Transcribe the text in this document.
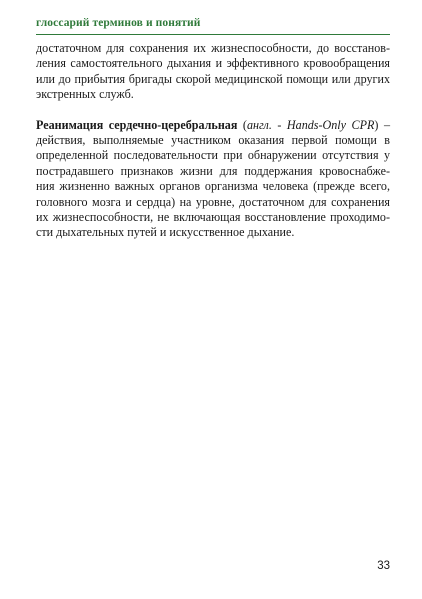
глоссарий терминов и понятий

достаточном для сохранения их жизнеспособности, до восстанов-
ления самостоятельного дыхания и эффективного кровообращения
или до прибытия бригады скорой медицинской помощи или других
экстренных служб.

Реанимация сердечно-церебральная (англ. - Hands-Only CPR) –
действия, выполняемые участником оказания первой помощи в
определенной последовательности при обнаружении отсутствия у
пострадавшего признаков жизни для поддержания кровоснабже-
ния жизненно важных органов организма человека (прежде всего,
головного мозга и сердца) на уровне, достаточном для сохранения
их жизнеспособности, не включающая восстановление проходимо-
сти дыхательных путей и искусственное дыхание.

33
